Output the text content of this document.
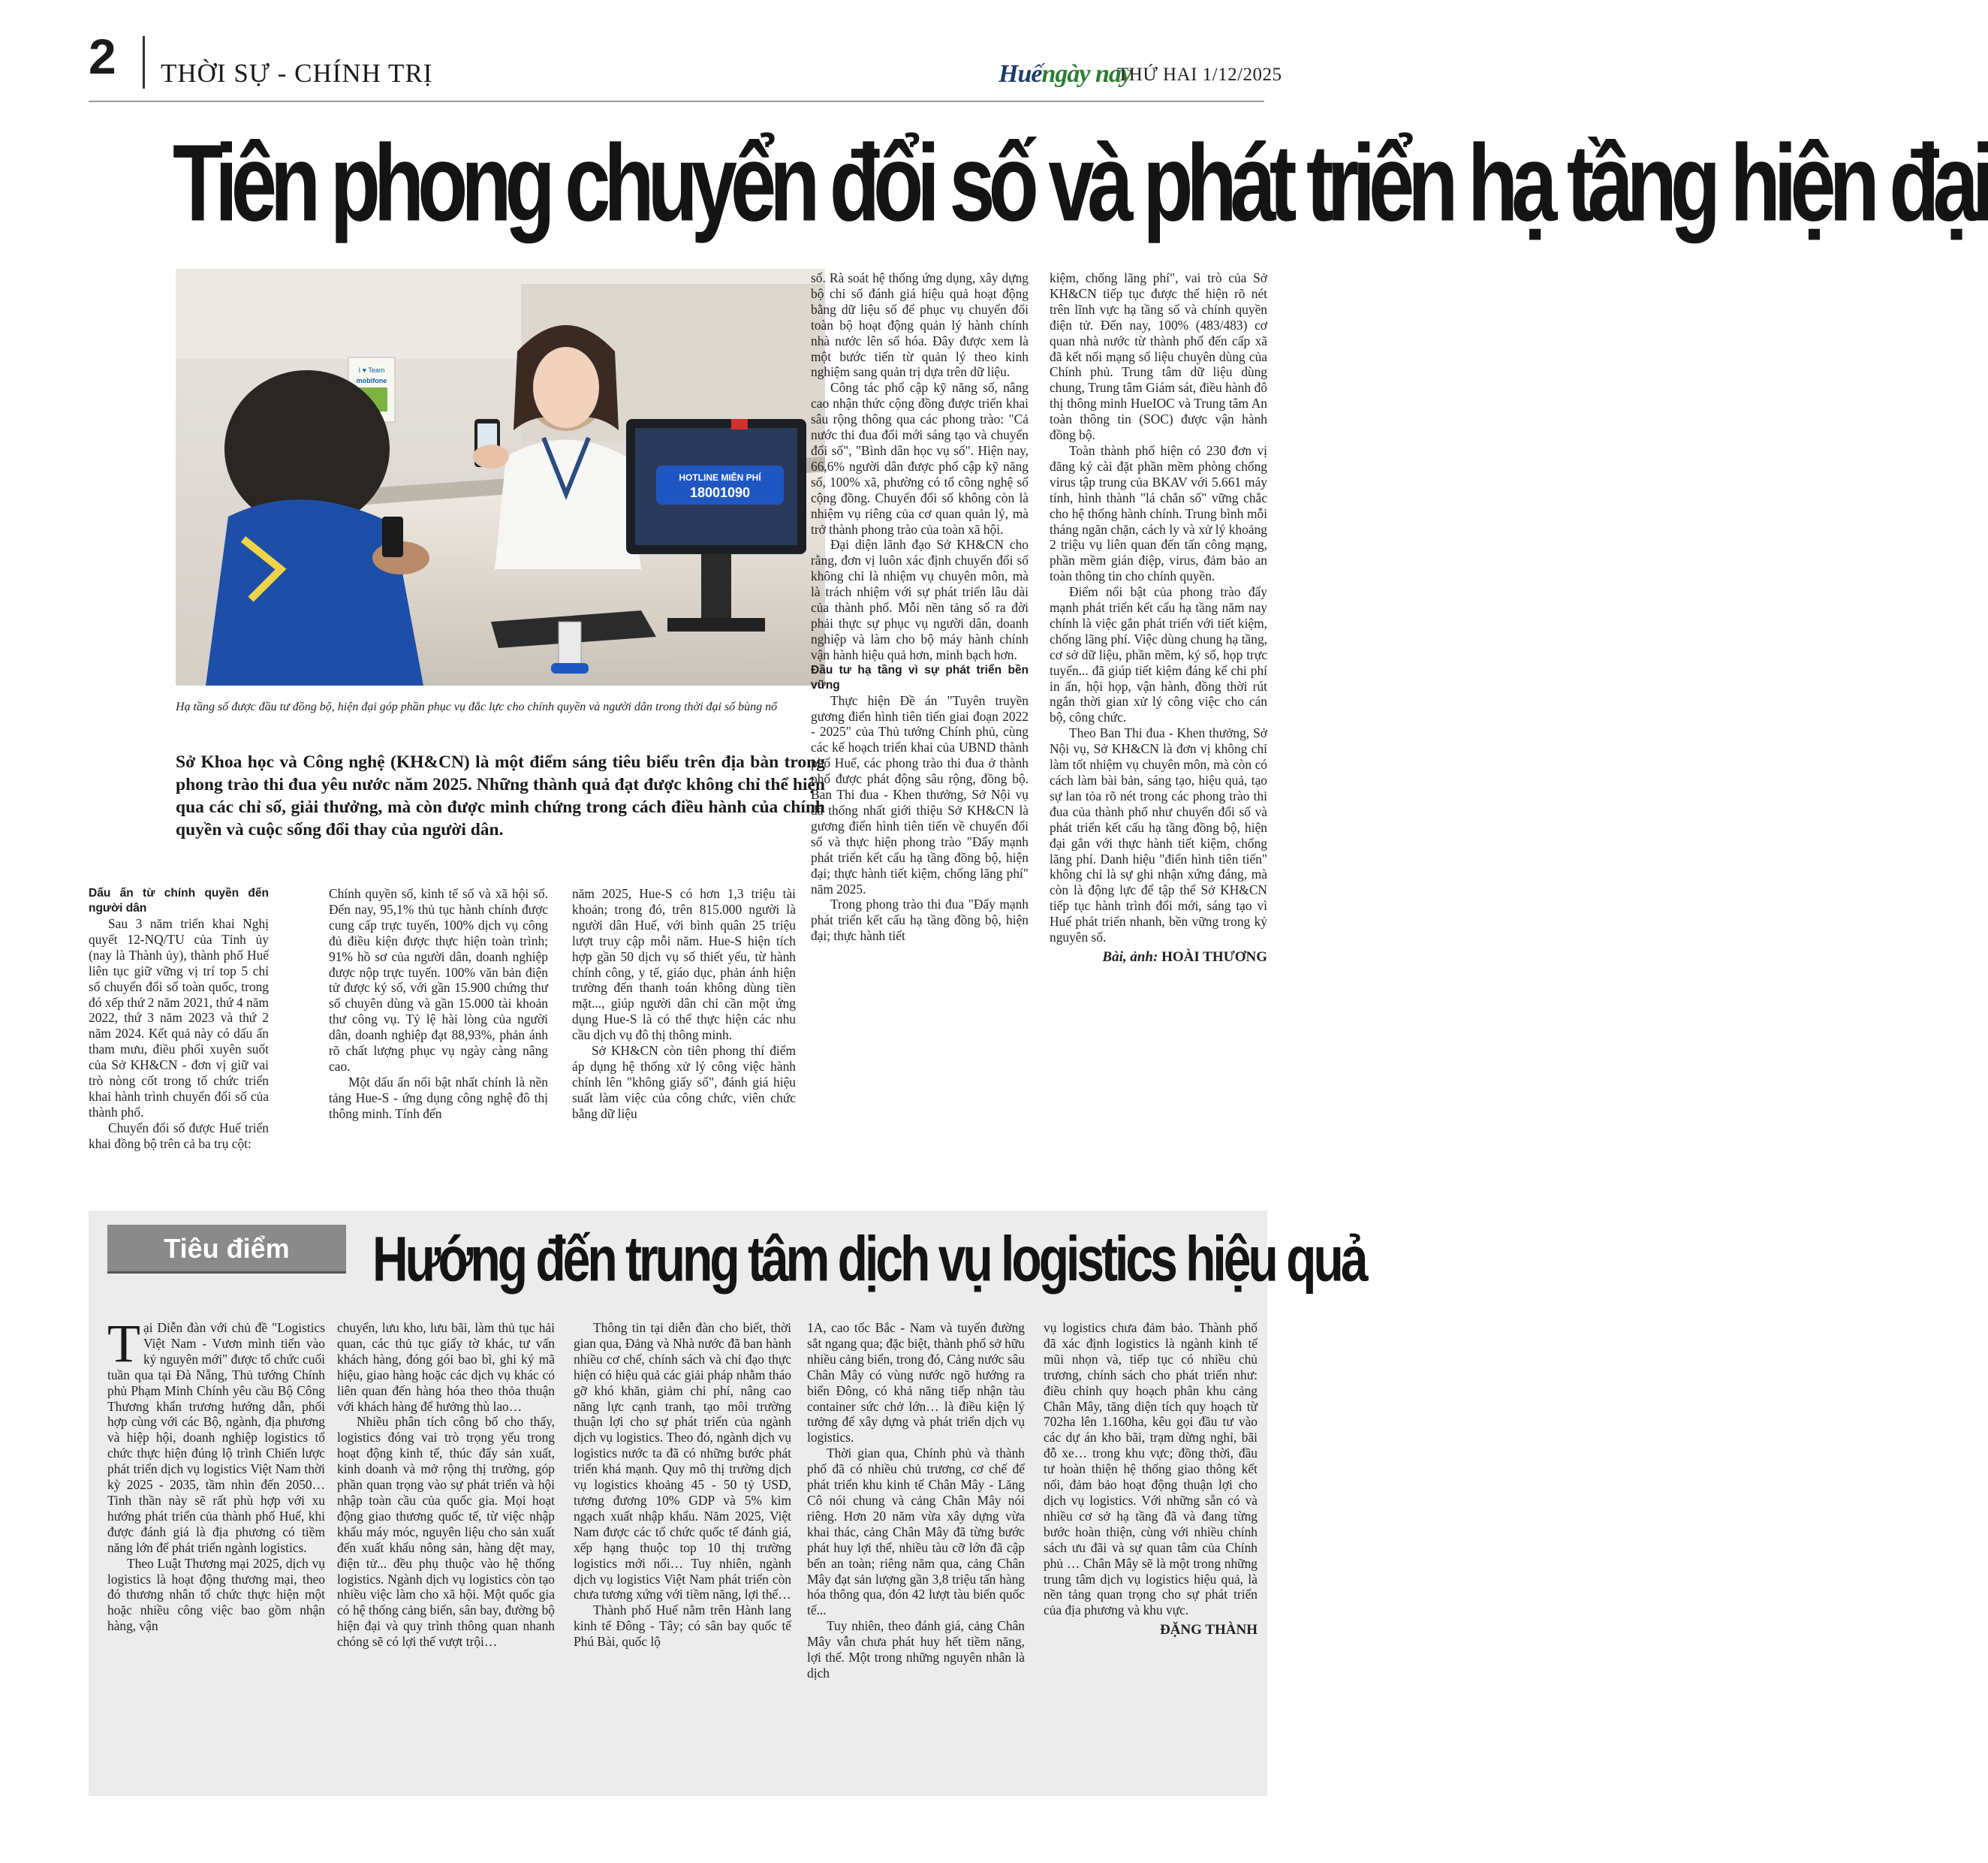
2 THỜI SỰ - CHÍNH TRỊ	Huếngày nay
THỨ HAI 1/12/2025
Tiên phong chuyển đổi số và phát triển hạ tầng hiện đại
I ♥ Team
mobifone
HOTLINE MIỄN PHÍ
18001090
Hạ tầng số được đầu tư đồng bộ, hiện đại góp phần phục vụ đắc lực cho chính quyền và người dân trong thời đại số bùng nổ
Sở Khoa học và Công nghệ (KH&CN) là một điểm sáng tiêu biểu trên địa bàn trong phong trào thi đua yêu nước năm 2025. Những thành quả đạt được không chỉ thể hiện qua các chỉ số, giải thưởng, mà còn được minh chứng trong cách điều hành của chính quyền và cuộc sống đổi thay của người dân.

Dấu ấn từ chính quyền đến người dân

Sau 3 năm triển khai Nghị quyết 12-NQ/TU của Tỉnh ủy (nay là Thành ủy), thành phố Huế liên tục giữ vững vị trí top 5 chỉ số chuyển đổi số toàn quốc, trong đó xếp thứ 2 năm 2021, thứ 4 năm 2022, thứ 3 năm 2023 và thứ 2 năm 2024. Kết quả này có dấu ấn tham mưu, điều phối xuyên suốt của Sở KH&CN - đơn vị giữ vai trò nòng cốt trong tổ chức triển khai hành trình chuyển đổi số của thành phố.

Chuyển đổi số được Huế triển khai đồng bộ trên cả ba trụ cột:

Chính quyền số, kinh tế số và xã hội số. Đến nay, 95,1% thủ tục hành chính được cung cấp trực tuyến, 100% dịch vụ công đủ điều kiện được thực hiện toàn trình; 91% hồ sơ của người dân, doanh nghiệp được nộp trực tuyến. 100% văn bản điện tử được ký số, với gần 15.900 chứng thư số chuyên dùng và gần 15.000 tài khoản thư công vụ. Tỷ lệ hài lòng của người dân, doanh nghiệp đạt 88,93%, phản ánh rõ chất lượng phục vụ ngày càng nâng cao.

Một dấu ấn nổi bật nhất chính là nền tảng Hue-S - ứng dụng công nghệ đô thị thông minh. Tính đến

năm 2025, Hue-S có hơn 1,3 triệu tài khoản; trong đó, trên 815.000 người là người dân Huế, với bình quân 25 triệu lượt truy cập mỗi năm. Hue-S hiện tích hợp gần 50 dịch vụ số thiết yếu, từ hành chính công, y tế, giáo dục, phản ánh hiện trường đến thanh toán không dùng tiền mặt..., giúp người dân chỉ cần một ứng dụng Hue-S là có thể thực hiện các nhu cầu dịch vụ đô thị thông minh.

Sở KH&CN còn tiên phong thí điểm áp dụng hệ thống xử lý công việc hành chính lên "không giấy số", đánh giá hiệu suất làm việc của công chức, viên chức bằng dữ liệu

số. Rà soát hệ thống ứng dụng, xây dựng bộ chỉ số đánh giá hiệu quả hoạt động bằng dữ liệu số để phục vụ chuyển đổi toàn bộ hoạt động quản lý hành chính nhà nước lên số hóa. Đây được xem là một bước tiến từ quản lý theo kinh nghiệm sang quản trị dựa trên dữ liệu.

Công tác phổ cập kỹ năng số, nâng cao nhận thức cộng đồng được triển khai sâu rộng thông qua các phong trào: "Cả nước thi đua đổi mới sáng tạo và chuyển đổi số", "Bình dân học vụ số". Hiện nay, 66,6% người dân được phổ cập kỹ năng số, 100% xã, phường có tổ công nghệ số cộng đồng. Chuyển đổi số không còn là nhiệm vụ riêng của cơ quan quản lý, mà trở thành phong trào của toàn xã hội.

Đại diện lãnh đạo Sở KH&CN cho rằng, đơn vị luôn xác định chuyển đổi số không chỉ là nhiệm vụ chuyên môn, mà là trách nhiệm với sự phát triển lâu dài của thành phố. Mỗi nền tảng số ra đời phải thực sự phục vụ người dân, doanh nghiệp và làm cho bộ máy hành chính vận hành hiệu quả hơn, minh bạch hơn.

Đầu tư hạ tầng vì sự phát triển bền vững

Thực hiện Đề án "Tuyên truyền gương điển hình tiên tiến giai đoạn 2022 - 2025" của Thủ tướng Chính phủ, cùng các kế hoạch triển khai của UBND thành phố Huế, các phong trào thi đua ở thành phố được phát động sâu rộng, đồng bộ. Ban Thi đua - Khen thưởng, Sở Nội vụ đã thống nhất giới thiệu Sở KH&CN là gương điển hình tiên tiến về chuyển đổi số và thực hiện phong trào "Đẩy mạnh phát triển kết cấu hạ tầng đồng bộ, hiện đại; thực hành tiết kiệm, chống lãng phí" năm 2025.

Trong phong trào thi đua "Đẩy mạnh phát triển kết cấu hạ tầng đồng bộ, hiện đại; thực hành tiết

kiệm, chống lãng phí", vai trò của Sở KH&CN tiếp tục được thể hiện rõ nét trên lĩnh vực hạ tầng số và chính quyền điện tử. Đến nay, 100% (483/483) cơ quan nhà nước từ thành phố đến cấp xã đã kết nối mạng số liệu chuyên dùng của Chính phủ. Trung tâm dữ liệu dùng chung, Trung tâm Giám sát, điều hành đô thị thông minh HueIOC và Trung tâm An toàn thông tin (SOC) được vận hành đồng bộ.

Toàn thành phố hiện có 230 đơn vị đăng ký cài đặt phần mềm phòng chống virus tập trung của BKAV với 5.661 máy tính, hình thành "lá chắn số" vững chắc cho hệ thống hành chính. Trung bình mỗi tháng ngăn chặn, cách ly và xử lý khoảng 2 triệu vụ liên quan đến tấn công mạng, phần mềm gián điệp, virus, đảm bảo an toàn thông tin cho chính quyền.

Điểm nổi bật của phong trào đẩy mạnh phát triển kết cấu hạ tầng năm nay chính là việc gắn phát triển với tiết kiệm, chống lãng phí. Việc dùng chung hạ tầng, cơ sở dữ liệu, phần mềm, ký số, họp trực tuyến... đã giúp tiết kiệm đáng kể chi phí in ấn, hội họp, vận hành, đồng thời rút ngắn thời gian xử lý công việc cho cán bộ, công chức.

Theo Ban Thi đua - Khen thưởng, Sở Nội vụ, Sở KH&CN là đơn vị không chỉ làm tốt nhiệm vụ chuyên môn, mà còn có cách làm bài bản, sáng tạo, hiệu quả, tạo sự lan tỏa rõ nét trong các phong trào thi đua của thành phố như chuyển đổi số và phát triển kết cấu hạ tầng đồng bộ, hiện đại gắn với thực hành tiết kiệm, chống lãng phí. Danh hiệu "điển hình tiên tiến" không chỉ là sự ghi nhận xứng đáng, mà còn là động lực để tập thể Sở KH&CN tiếp tục hành trình đổi mới, sáng tạo vì Huế phát triển nhanh, bền vững trong kỷ nguyên số.

Bài, ảnh: HOÀI THƯƠNG
Tiêu điểm	Hướng đến trung tâm dịch vụ logistics hiệu quả

Tại Diễn đàn với chủ đề "Logistics Việt Nam - Vươn mình tiến vào kỷ nguyên mới" được tổ chức cuối tuần qua tại Đà Nẵng, Thủ tướng Chính phủ Phạm Minh Chính yêu cầu Bộ Công Thương khẩn trương hướng dẫn, phối hợp cùng với các Bộ, ngành, địa phương và hiệp hội, doanh nghiệp logistics tổ chức thực hiện đúng lộ trình Chiến lược phát triển dịch vụ logistics Việt Nam thời kỳ 2025 - 2035, tầm nhìn đến 2050… Tinh thần này sẽ rất phù hợp với xu hướng phát triển của thành phố Huế, khi được đánh giá là địa phương có tiềm năng lớn để phát triển ngành logistics.

Theo Luật Thương mại 2025, dịch vụ logistics là hoạt động thương mại, theo đó thương nhân tổ chức thực hiện một hoặc nhiều công việc bao gồm nhận hàng, vận

chuyển, lưu kho, lưu bãi, làm thủ tục hải quan, các thủ tục giấy tờ khác, tư vấn khách hàng, đóng gói bao bì, ghi ký mã hiệu, giao hàng hoặc các dịch vụ khác có liên quan đến hàng hóa theo thỏa thuận với khách hàng để hưởng thù lao…

Nhiều phân tích công bố cho thấy, logistics đóng vai trò trọng yếu trong hoạt động kinh tế, thúc đẩy sản xuất, kinh doanh và mở rộng thị trường, góp phần quan trọng vào sự phát triển và hội nhập toàn cầu của quốc gia. Mọi hoạt động giao thương quốc tế, từ việc nhập khẩu máy móc, nguyên liệu cho sản xuất đến xuất khẩu nông sản, hàng dệt may, điện tử... đều phụ thuộc vào hệ thống logistics. Ngành dịch vụ logistics còn tạo nhiều việc làm cho xã hội. Một quốc gia có hệ thống cảng biển, sân bay, đường bộ hiện đại và quy trình thông quan nhanh chóng sẽ có lợi thế vượt trội…

Thông tin tại diễn đàn cho biết, thời gian qua, Đảng và Nhà nước đã ban hành nhiều cơ chế, chính sách và chỉ đạo thực hiện có hiệu quả các giải pháp nhằm tháo gỡ khó khăn, giảm chi phí, nâng cao năng lực cạnh tranh, tạo môi trường thuận lợi cho sự phát triển của ngành dịch vụ logistics. Theo đó, ngành dịch vụ logistics nước ta đã có những bước phát triển khá mạnh. Quy mô thị trường dịch vụ logistics khoảng 45 - 50 tỷ USD, tương đương 10% GDP và 5% kim ngạch xuất nhập khẩu. Năm 2025, Việt Nam được các tổ chức quốc tế đánh giá, xếp hạng thuộc top 10 thị trường logistics mới nổi… Tuy nhiên, ngành dịch vụ logistics Việt Nam phát triển còn chưa tương xứng với tiềm năng, lợi thế…

Thành phố Huế nằm trên Hành lang kinh tế Đông - Tây; có sân bay quốc tế Phú Bài, quốc lộ

1A, cao tốc Bắc - Nam và tuyến đường sắt ngang qua; đặc biệt, thành phố sở hữu nhiều cảng biển, trong đó, Cảng nước sâu Chân Mây có vùng nước ngõ hướng ra biển Đông, có khả năng tiếp nhận tàu container sức chở lớn… là điều kiện lý tưởng để xây dựng và phát triển dịch vụ logistics.

Thời gian qua, Chính phủ và thành phố đã có nhiều chủ trương, cơ chế để phát triển khu kinh tế Chân Mây - Lăng Cô nói chung và cảng Chân Mây nói riêng. Hơn 20 năm vừa xây dựng vừa khai thác, cảng Chân Mây đã từng bước phát huy lợi thế, nhiều tàu cỡ lớn đã cập bến an toàn; riêng năm qua, cảng Chân Mây đạt sản lượng gần 3,8 triệu tấn hàng hóa thông qua, đón 42 lượt tàu biển quốc tế...

Tuy nhiên, theo đánh giá, cảng Chân Mây vẫn chưa phát huy hết tiềm năng, lợi thế. Một trong những nguyên nhân là dịch

vụ logistics chưa đảm bảo. Thành phố đã xác định logistics là ngành kinh tế mũi nhọn và, tiếp tục có nhiều chủ trương, chính sách cho phát triển như: điều chỉnh quy hoạch phân khu cảng Chân Mây, tăng diện tích quy hoạch từ 702ha lên 1.160ha, kêu gọi đầu tư vào các dự án kho bãi, trạm dừng nghỉ, bãi đỗ xe… trong khu vực; đồng thời, đầu tư hoàn thiện hệ thống giao thông kết nối, đảm bảo hoạt động thuận lợi cho dịch vụ logistics. Với những sẵn có và nhiều cơ sở hạ tầng đã và đang từng bước hoàn thiện, cùng với nhiều chính sách ưu đãi và sự quan tâm của Chính phủ … Chân Mây sẽ là một trong những trung tâm dịch vụ logistics hiệu quả, là nền tảng quan trọng cho sự phát triển của địa phương và khu vực.

ĐẶNG THÀNH
